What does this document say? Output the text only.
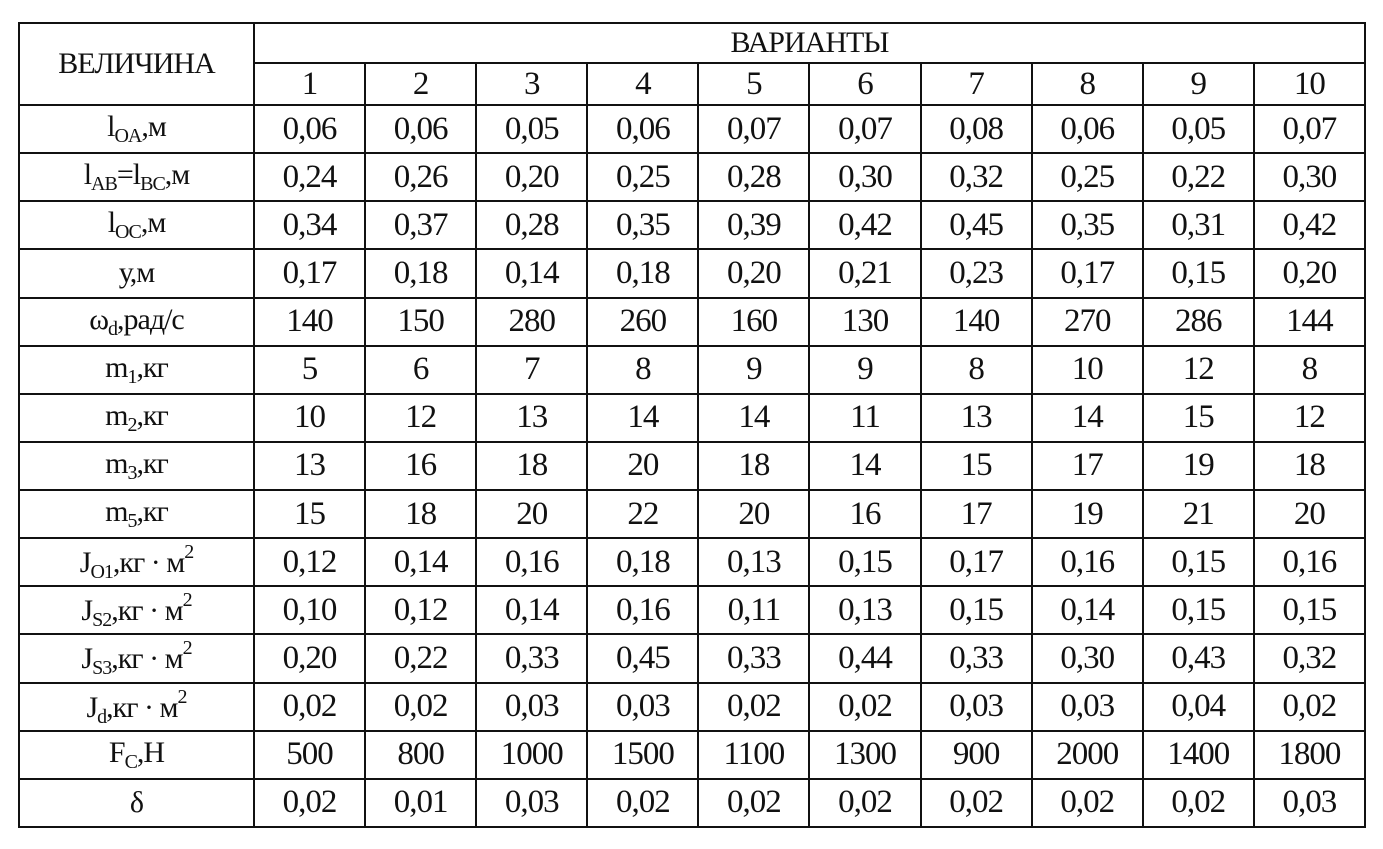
ВЕЛИЧИНА	ВАРИАНТЫ									
	1	2	3	4	5	6	7	8	9	10
$l_{OA},м$	0,06	0,06	0,05	0,06	0,07	0,07	0,08	0,06	0,05	0,07
$l_{AB}=l_{BC},м$	0,24	0,26	0,20	0,25	0,28	0,30	0,32	0,25	0,22	0,30
$l_{OC},м$	0,34	0,37	0,28	0,35	0,39	0,42	0,45	0,35	0,31	0,42
у,м	0,17	0,18	0,14	0,18	0,20	0,21	0,23	0,17	0,15	0,20
$\omega_d,рад/с$	140	150	280	260	160	130	140	270	286	144
$m_1,кг$	5	6	7	8	9	9	8	10	12	8
$m_2,кг$	10	12	13	14	14	11	13	14	15	12
$m_3,кг$	13	16	18	20	18	14	15	17	19	18
$m_5,кг$	15	18	20	22	20	16	17	19	21	20
$J_{O1},кг \cdot м^2$	0,12	0,14	0,16	0,18	0,13	0,15	0,17	0,16	0,15	0,16
$J_{S2},кг \cdot м^2$	0,10	0,12	0,14	0,16	0,11	0,13	0,15	0,14	0,15	0,15
$J_{S3},кг \cdot м^2$	0,20	0,22	0,33	0,45	0,33	0,44	0,33	0,30	0,43	0,32
$J_d,кг \cdot м^2$	0,02	0,02	0,03	0,03	0,02	0,02	0,03	0,03	0,04	0,02
$F_C,Н$	500	800	1000	1500	1100	1300	900	2000	1400	1800
δ	0,02	0,01	0,03	0,02	0,02	0,02	0,02	0,02	0,02	0,03
